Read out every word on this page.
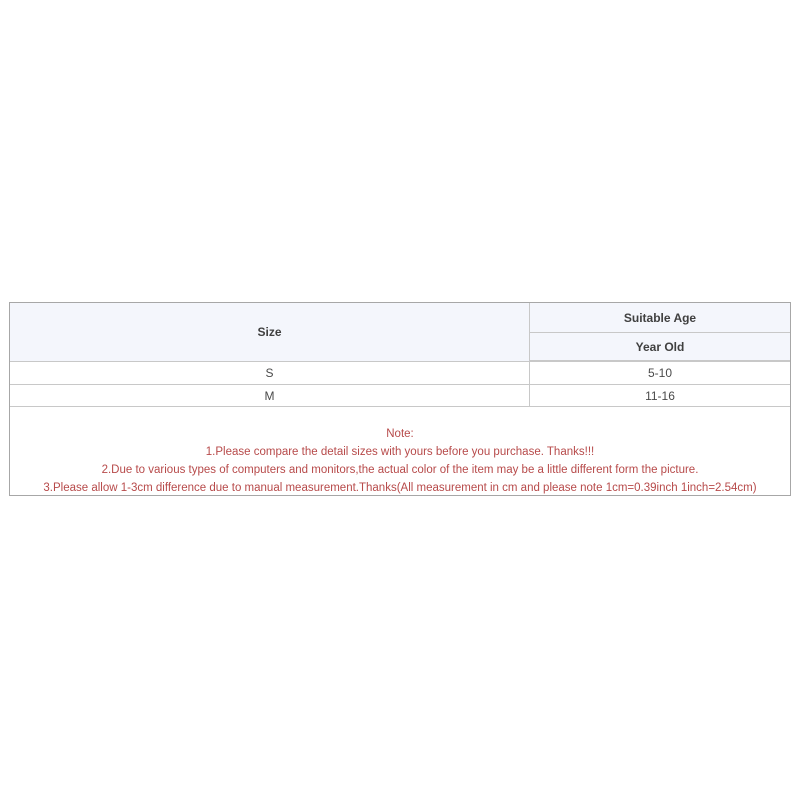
Size
Suitable Age
Year Old
S	5-10
M	11-16
Note:
1.Please compare the detail sizes with yours before you purchase. Thanks!!!
2.Due to various types of computers and monitors,the actual color of the item may be a little different form the picture.
3.Please allow 1-3cm difference due to manual measurement.Thanks(All measurement in cm and please note 1cm=0.39inch 1inch=2.54cm)
